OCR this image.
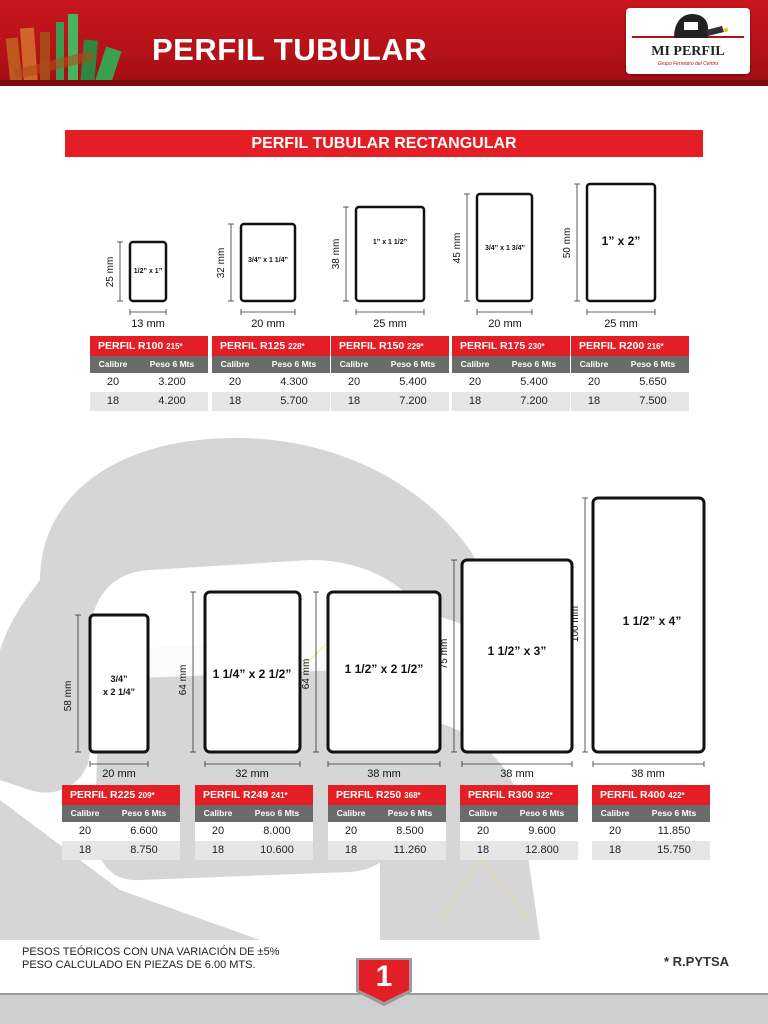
PERFIL TUBULAR	MI PERFIL
Grupo Ferretero del Centro
PERFIL TUBULAR RECTANGULAR
1/2” x 1”
3/4” x 1 1/4”
1” x 1 1/2”
3/4” x 1 3/4”
1” x 2”
25 mm
13 mm
32 mm
20 mm
38 mm
25 mm
45 mm
20 mm
50 mm
25 mm
3/4”
x 2 1/4”
1 1/4” x 2 1/2”	1 1/2” x 2 1/2”
1 1/2” x 3”
1 1/2” x 4”
58 mm
20 mm
64 mm
32 mm
64 mm
38 mm
75 mm
38 mm
100 mm
38 mm
PERFIL R100 215*
Calibre	Peso 6 Mts
20	3.200
18	4.200
PERFIL R125 228*
Calibre	Peso 6 Mts
20	4.300
18	5.700
PERFIL R150 229*
Calibre	Peso 6 Mts
20	5.400
18	7.200
PERFIL R175 230*
Calibre	Peso 6 Mts
20	5.400
18	7.200
PERFIL R200 216*
Calibre	Peso 6 Mts
20	5.650
18	7.500
PERFIL R225 209*
Calibre	Peso 6 Mts
20	6.600
18	8.750
PERFIL R249 241*
Calibre	Peso 6 Mts
20	8.000
18	10.600
PERFIL R250 368*
Calibre	Peso 6 Mts
20	8.500
18	11.260
PERFIL R300 322*
Calibre	Peso 6 Mts
20	9.600
18	12.800
PERFIL R400 422*
Calibre	Peso 6 Mts
20	11.850
18	15.750
PESOS TEÓRICOS CON UNA VARIACIÓN DE ±5%
PESO CALCULADO EN PIEZAS DE 6.00 MTS.	* R.PYTSA
1
